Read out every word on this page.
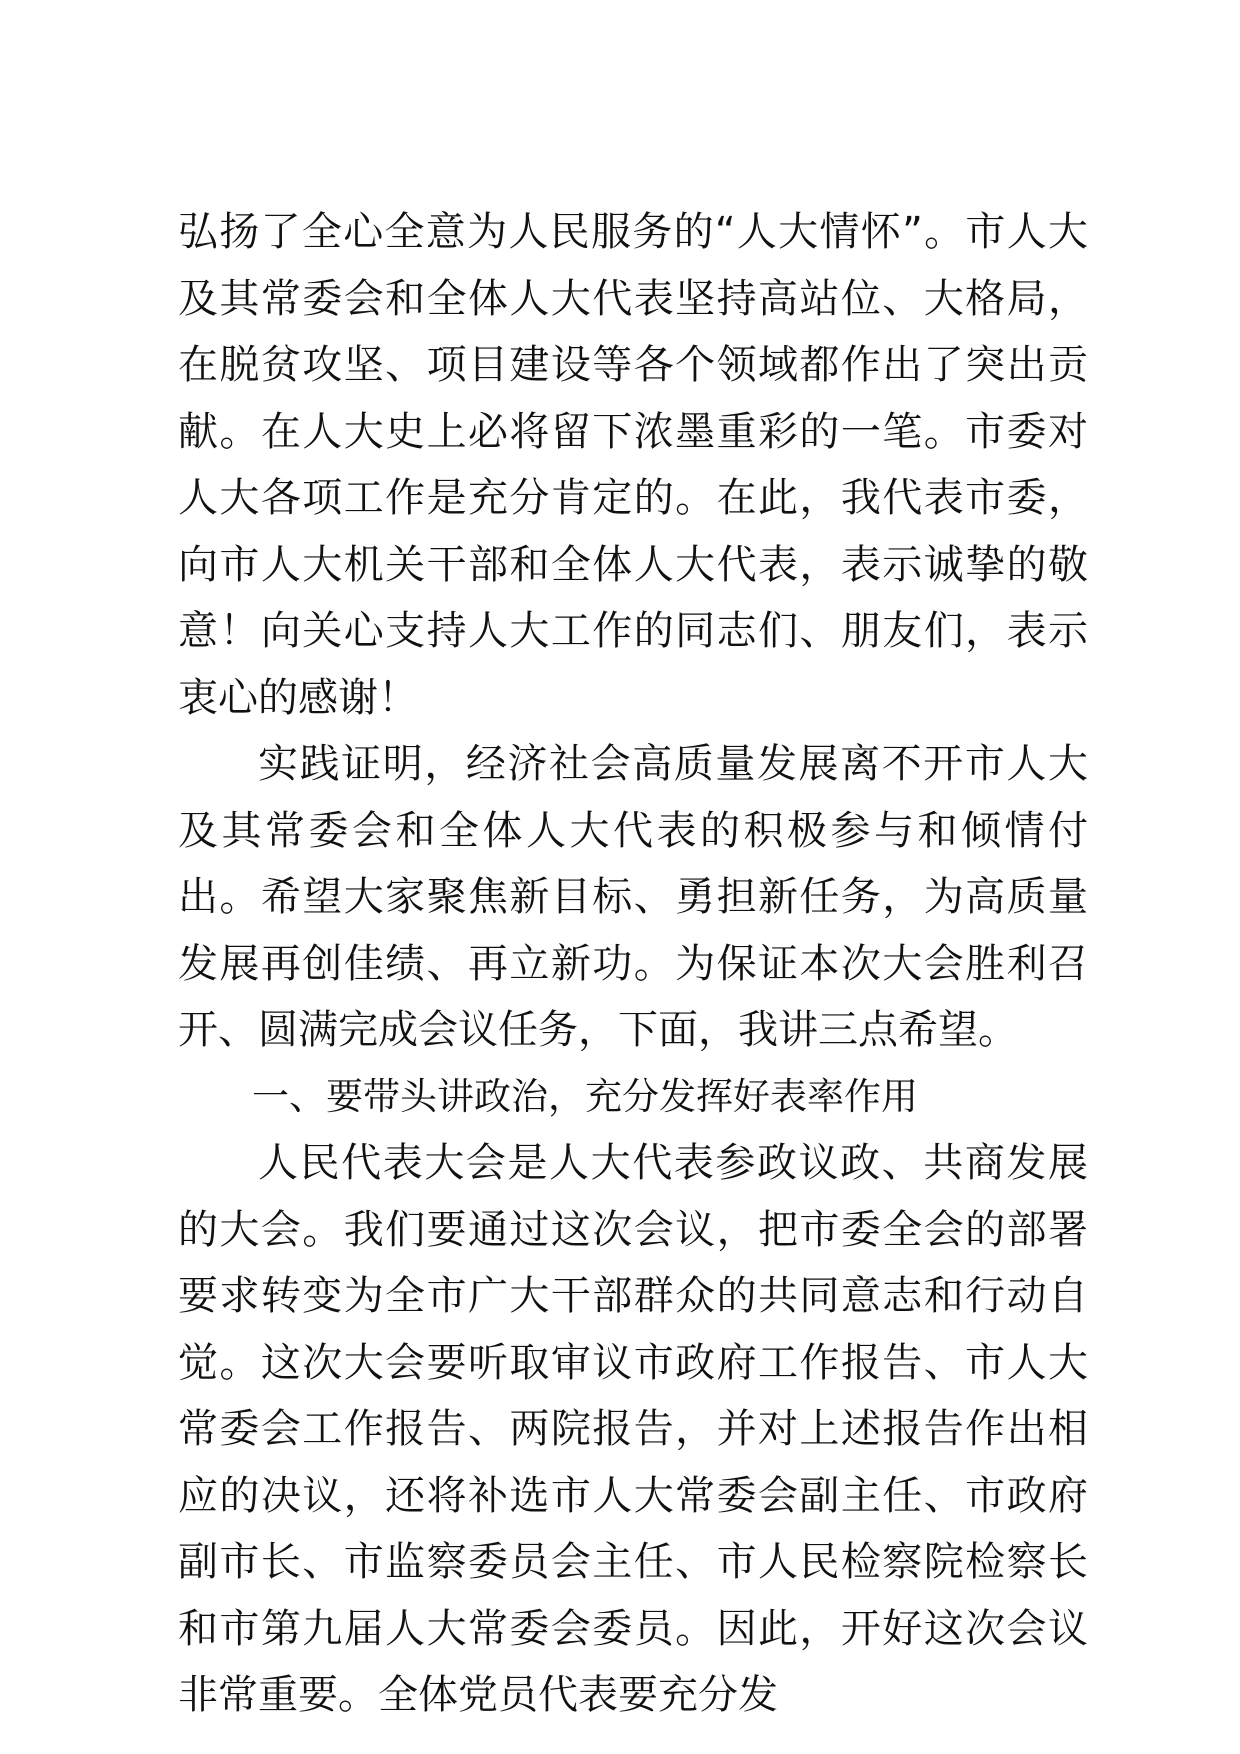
弘扬了全心全意为人民服务的“人大情怀”。市人大及其常委会和全体人大代表坚持高站位、大格局，在脱贫攻坚、项目建设等各个领域都作出了突出贡献。在人大史上必将留下浓墨重彩的一笔。市委对人大各项工作是充分肯定的。在此，我代表市委，向市人大机关干部和全体人大代表，表示诚挚的敬意！向关心支持人大工作的同志们、朋友们，表示衷心的感谢！

实践证明，经济社会高质量发展离不开市人大及其常委会和全体人大代表的积极参与和倾情付出。希望大家聚焦新目标、勇担新任务，为高质量发展再创佳绩、再立新功。为保证本次大会胜利召开、圆满完成会议任务，下面，我讲三点希望。

一、要带头讲政治，充分发挥好表率作用

人民代表大会是人大代表参政议政、共商发展的大会。我们要通过这次会议，把市委全会的部署要求转变为全市广大干部群众的共同意志和行动自觉。这次大会要听取审议市政府工作报告、市人大常委会工作报告、两院报告，并对上述报告作出相应的决议，还将补选市人大常委会副主任、市政府副市长、市监察委员会主任、市人民检察院检察长和市第九届人大常委会委员。因此，开好这次会议非常重要。全体党员代表要充分发
